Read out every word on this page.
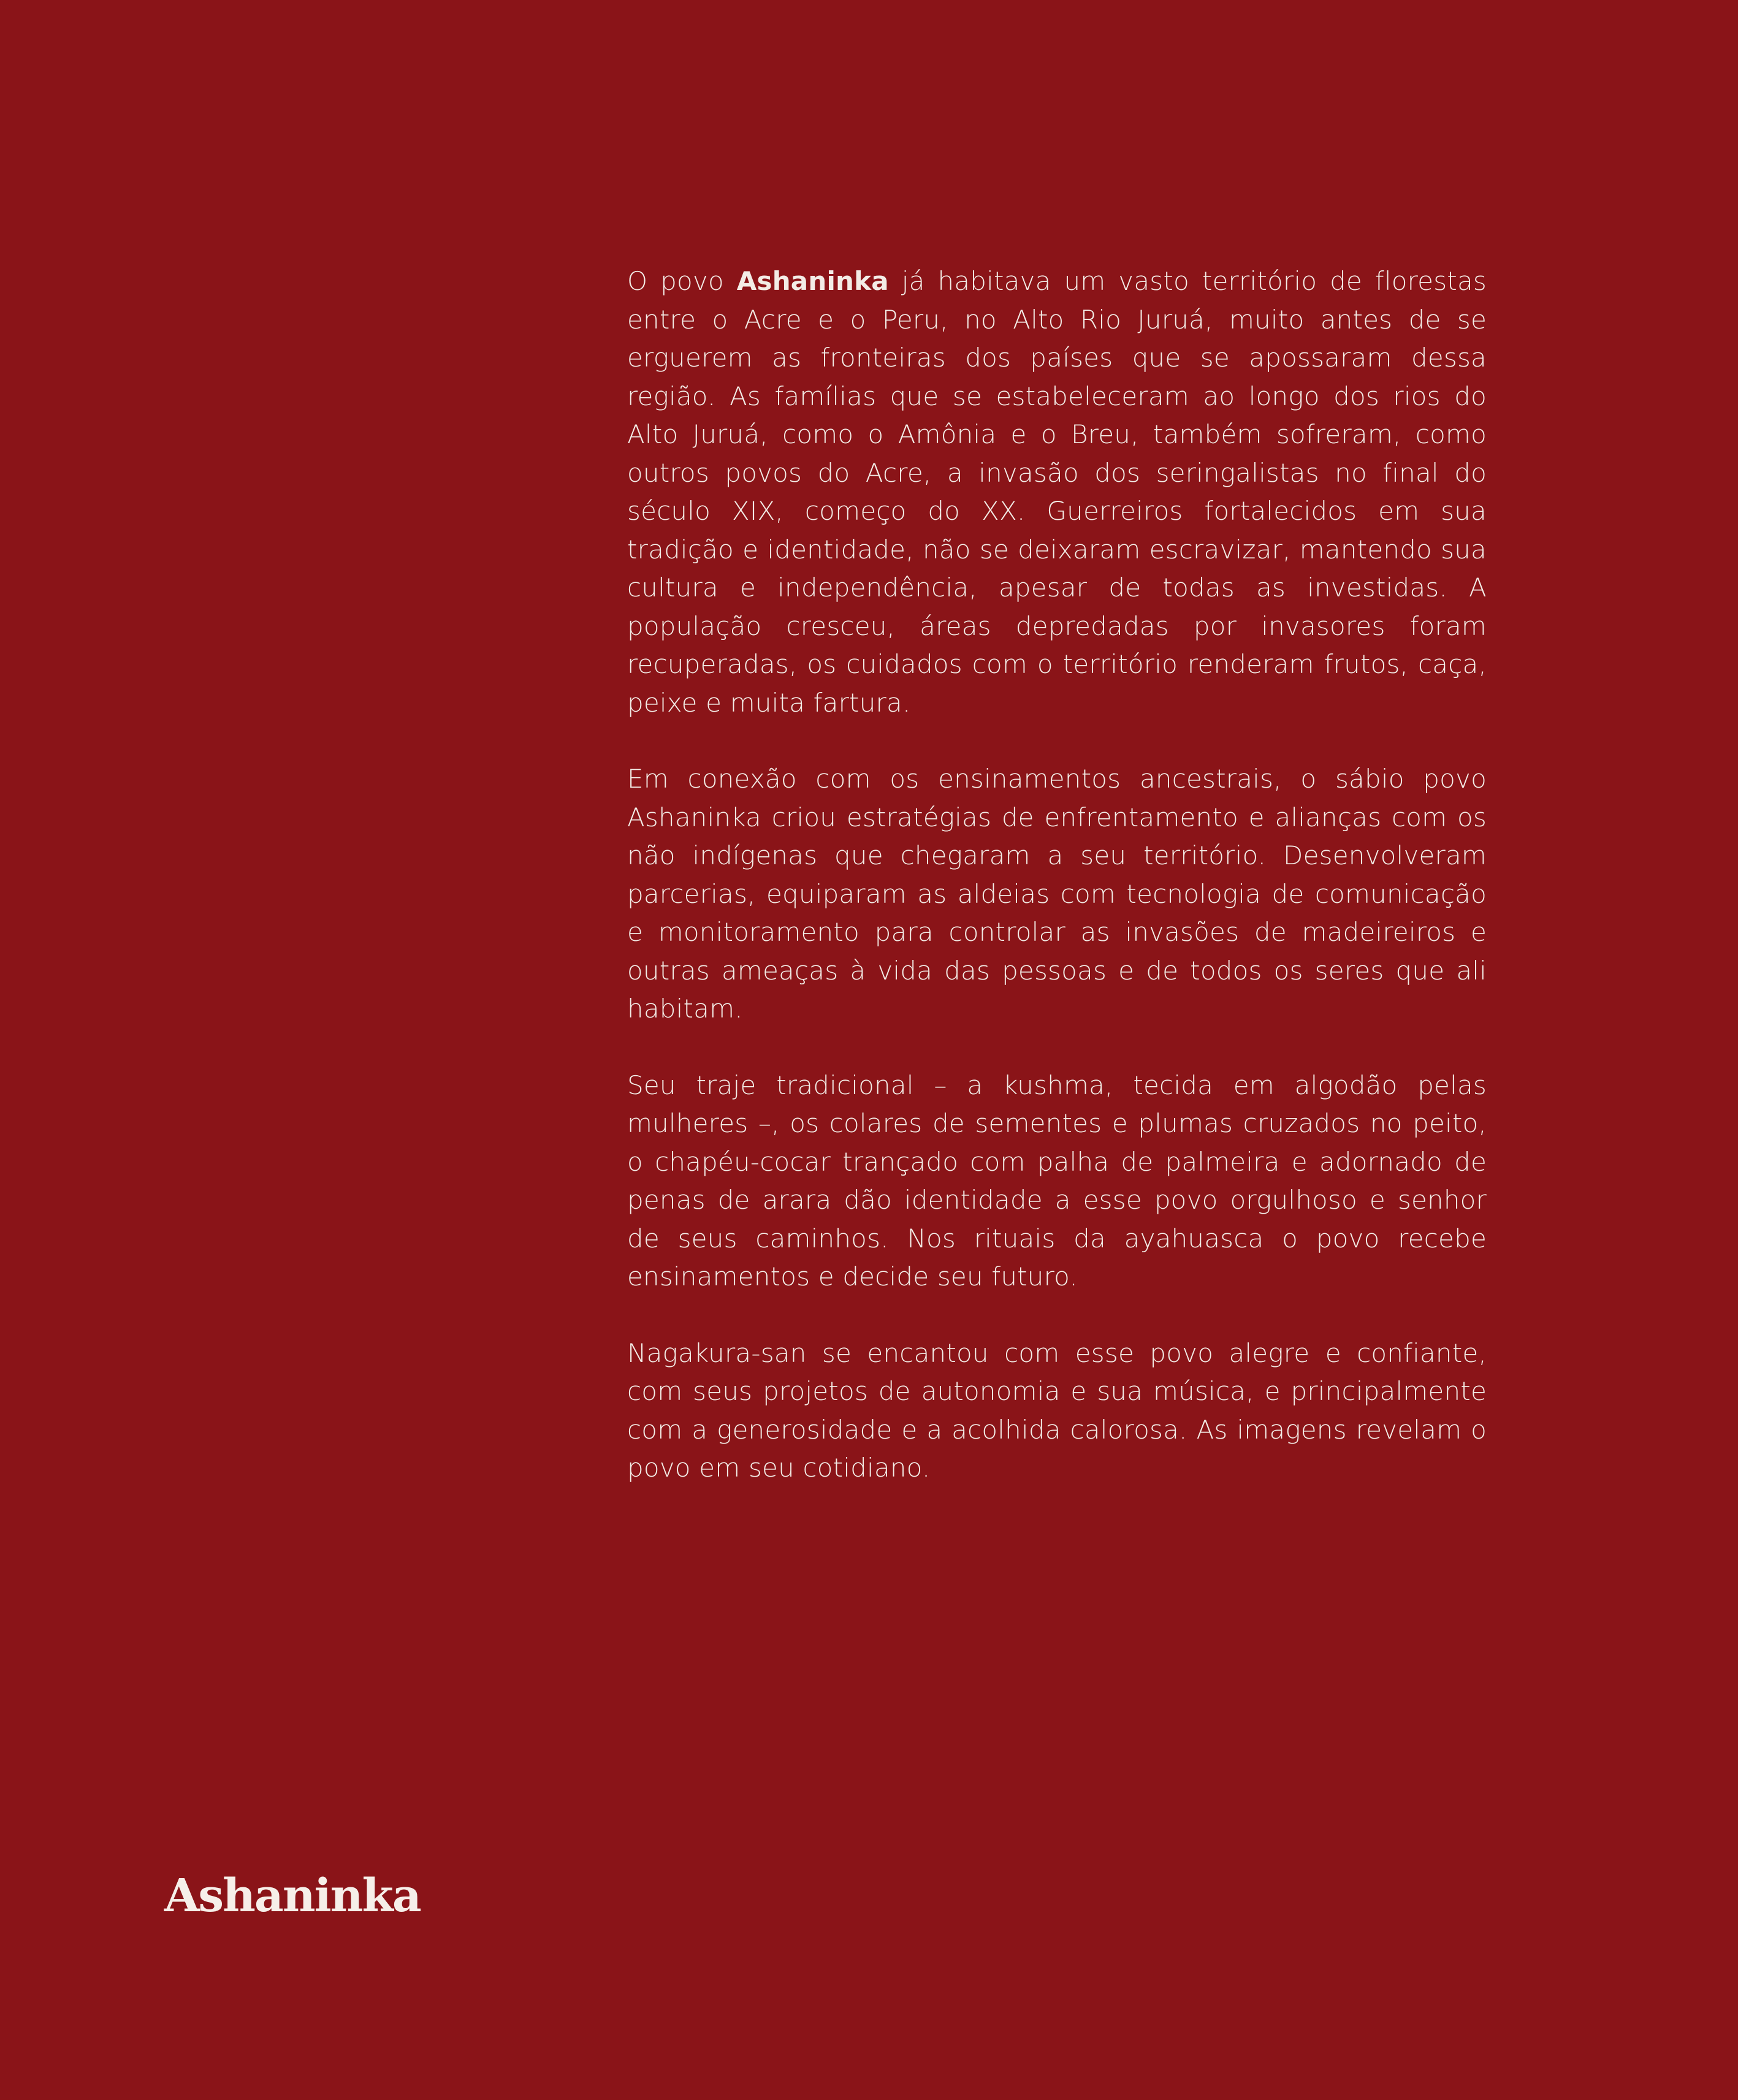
O povo Ashaninka já habitava um vasto território de florestas entre o Acre e o Peru, no Alto Rio Juruá, muito antes de se erguerem as fronteiras dos países que se apossaram dessa região. As famílias que se estabeleceram ao longo dos rios do Alto Juruá, como o Amônia e o Breu, também sofreram, como outros povos do Acre, a invasão dos seringalistas no final do século XIX, começo do XX. Guerreiros fortalecidos em sua tradição e identidade, não se deixaram escravizar, mantendo sua cultura e independência, apesar de todas as investidas. A população cresceu, áreas depredadas por invasores foram recuperadas, os cuidados com o território renderam frutos, caça, peixe e muita fartura.

Em conexão com os ensinamentos ancestrais, o sábio povo Ashaninka criou estratégias de enfrentamento e alianças com os não indígenas que chegaram a seu território. Desenvolveram parcerias, equiparam as aldeias com tecnologia de comunicação e monitoramento para controlar as invasões de madeireiros e outras ameaças à vida das pessoas e de todos os seres que ali habitam.

Seu traje tradicional – a kushma, tecida em algodão pelas mulheres –, os colares de sementes e plumas cruzados no peito, o chapéu-cocar trançado com palha de palmeira e adornado de penas de arara dão identidade a esse povo orgulhoso e senhor de seus caminhos. Nos rituais da ayahuasca o povo recebe ensinamentos e decide seu futuro.

Nagakura-san se encantou com esse povo alegre e confiante, com seus projetos de autonomia e sua música, e principalmente com a generosidade e a acolhida calorosa. As imagens revelam o povo em seu cotidiano.

Ashaninka
